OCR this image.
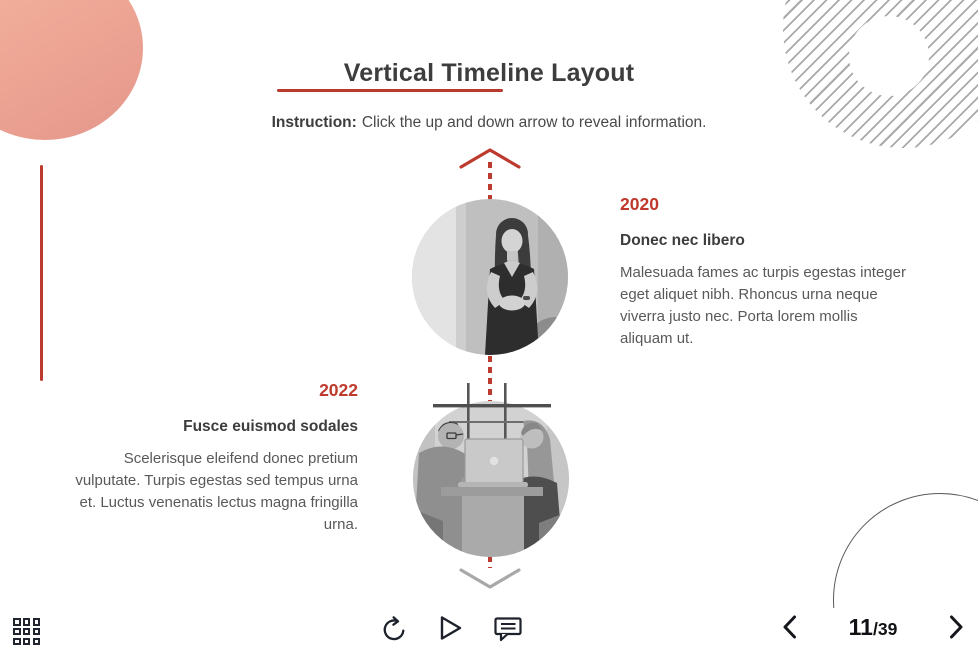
Vertical Timeline Layout
Instruction: Click the up and down arrow to reveal information.
2020
Donec nec libero

Malesuada fames ac turpis egestas integer eget aliquet nibh. Rhoncus urna neque viverra justo nec. Porta lorem mollis aliquam ut.

2022
Fusce euismod sodales

Scelerisque eleifend donec pretium vulputate. Turpis egestas sed tempus urna et. Luctus venenatis lectus magna fringilla urna.

11/39
